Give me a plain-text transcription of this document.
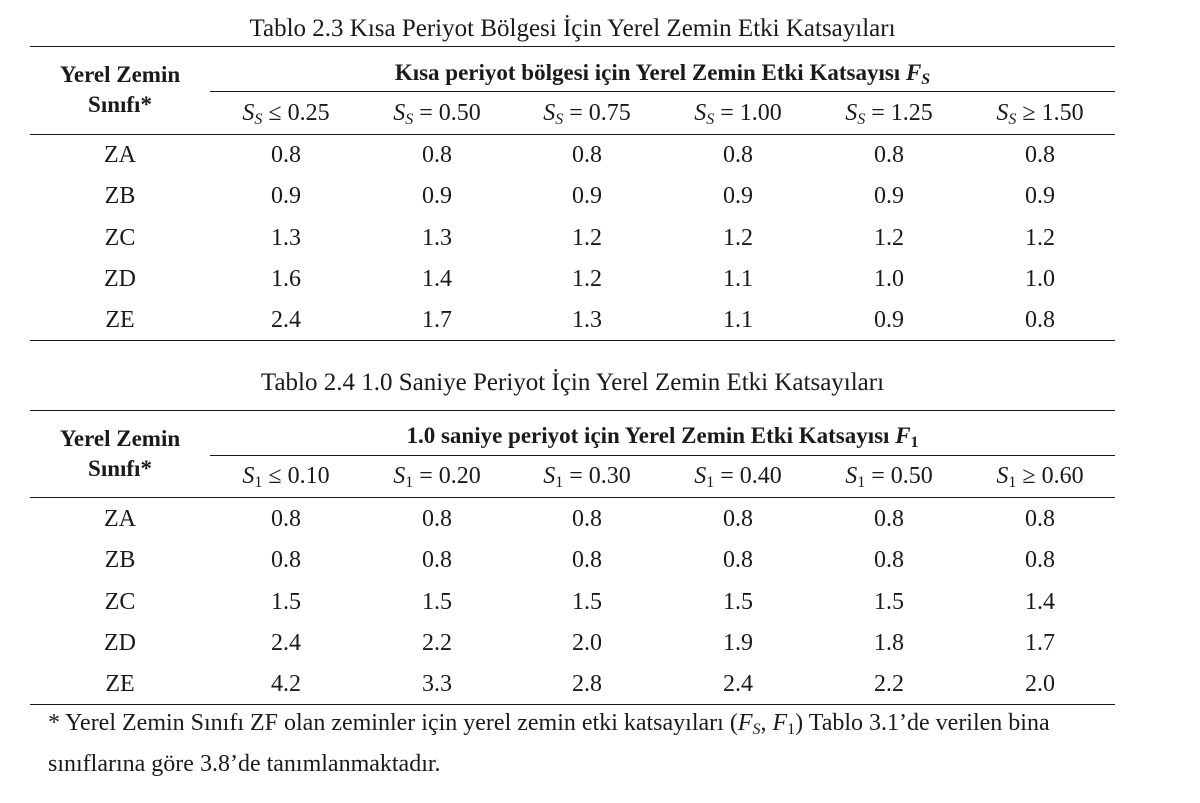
Tablo 2.3 Kısa Periyot Bölgesi İçin Yerel Zemin Etki Katsayıları
Yerel Zemin
Sınıfı*
Kısa periyot bölgesi için Yerel Zemin Etki Katsayısı FS
SS ≤ 0.25	SS = 0.50	SS = 0.75	SS = 1.00	SS = 1.25	SS ≥ 1.50
ZA	0.8	0.8	0.8	0.8	0.8	0.8
ZB	0.9	0.9	0.9	0.9	0.9	0.9
ZC	1.3	1.3	1.2	1.2	1.2	1.2
ZD	1.6	1.4	1.2	1.1	1.0	1.0
ZE	2.4	1.7	1.3	1.1	0.9	0.8
Tablo 2.4 1.0 Saniye Periyot İçin Yerel Zemin Etki Katsayıları
Yerel Zemin
Sınıfı*
1.0 saniye periyot için Yerel Zemin Etki Katsayısı F1
S1 ≤ 0.10	S1 = 0.20	S1 = 0.30	S1 = 0.40	S1 = 0.50	S1 ≥ 0.60
ZA	0.8	0.8	0.8	0.8	0.8	0.8
ZB	0.8	0.8	0.8	0.8	0.8	0.8
ZC	1.5	1.5	1.5	1.5	1.5	1.4
ZD	2.4	2.2	2.0	1.9	1.8	1.7
ZE	4.2	3.3	2.8	2.4	2.2	2.0
* Yerel Zemin Sınıfı ZF olan zeminler için yerel zemin etki katsayıları (FS, F1) Tablo 3.1’de verilen bina sınıflarına göre 3.8’de tanımlanmaktadır.
